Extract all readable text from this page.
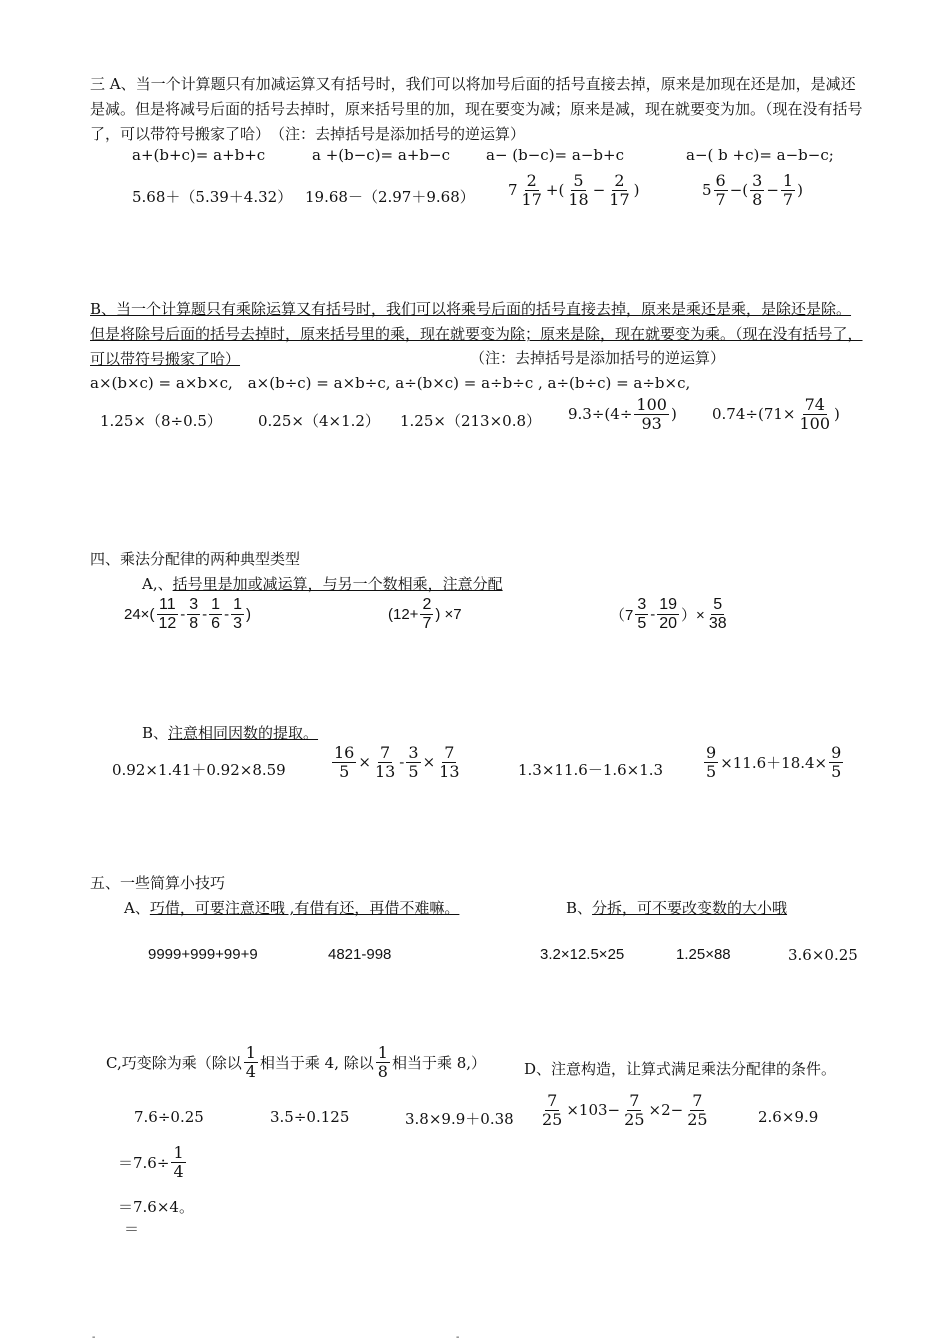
三 A、当一个计算题只有加减运算又有括号时，我们可以将加号后面的括号直接去掉，原来是加现在还是加，是减还是减。但是将减号后面的括号去掉时，原来括号里的加，现在要变为减；原来是减，现在就要变为加。（现在没有括号了，可以带符号搬家了哈）　 （注：去掉括号是添加括号的逆运算）
a+(b+c)= a+b+c	a +(b−c)= a+b−c a− (b−c)= a−b+c	a−( b +c)= a−b−c;
5.68＋（5.39＋4.32） 19.68－（2.97＋9.68） $7 \frac{2}{17}$ +( $\frac{5}{18} - \frac{2}{17}$ )	$5 \frac{6}{7}$ −( $\frac{3}{8} - \frac{1}{7}$ )
B、当一个计算题只有乘除运算又有括号时，我们可以将乘号后面的括号直接去掉，原来是乘还是乘，是除还是除。但是将除号后面的括号去掉时，原来括号里的乘，现在就要变为除；原来是除，现在就要变为乘。（现在没有括号了，可以带符号搬家了哈）	（注：去掉括号是添加括号的逆运算）
a×(b×c) = a×b×c,　a×(b÷c) = a×b÷c, a÷(b×c) = a÷b÷c , a÷(b÷c) = a÷b×c,
1.25×（8÷0.5） 0.25×（4×1.2） 1.25×（213×0.8） $9.3\div(4\div \frac{100}{93}$ ) $0.74\div(71\times \frac{74}{100}$ )
四、乘法分配律的两种典型类型
A,、括号里是加或减运算，与另一个数相乘，注意分配
$24\times( \frac{11}{12} - \frac{3}{8} - \frac{1}{6} - \frac{1}{3}$ )	($12+ \frac{2}{7}$ ) ×7	（$7 \frac{3}{5} - \frac{19}{20}$ ）× $\frac{5}{38}$
B、注意相同因数的提取。
0.92×1.41＋0.92×8.59	$\frac{16}{5} \times \frac{7}{13} - \frac{3}{5} \times \frac{7}{13}$	1.3×11.6－1.6×1.3	$\frac{9}{5} \times 11.6+18.4\times \frac{9}{5}$
五、一些简算小技巧
A、巧借，可要注意还哦 ,有借有还，再借不难嘛。	B、分拆，可不要改变数的大小哦
9999+999+99+9	4821-998	3.2×12.5×25	1.25×88	3.6×0.25
C,巧变除为乘（除以 $\frac{1}{4}$ 相当于乘 4, 除以 $\frac{1}{8}$ 相当于乘 8,）	D、注意构造，让算式满足乘法分配律的条件。
7.6÷0.25	3.5÷0.125	$3.8\times 9.9+0.38 \frac{7}{25} \times 103- \frac{7}{25} \times 2- \frac{7}{25}$	2.6×9.9
$=7.6\div \frac{1}{4}$
＝7.6×4。
＝
-	-
